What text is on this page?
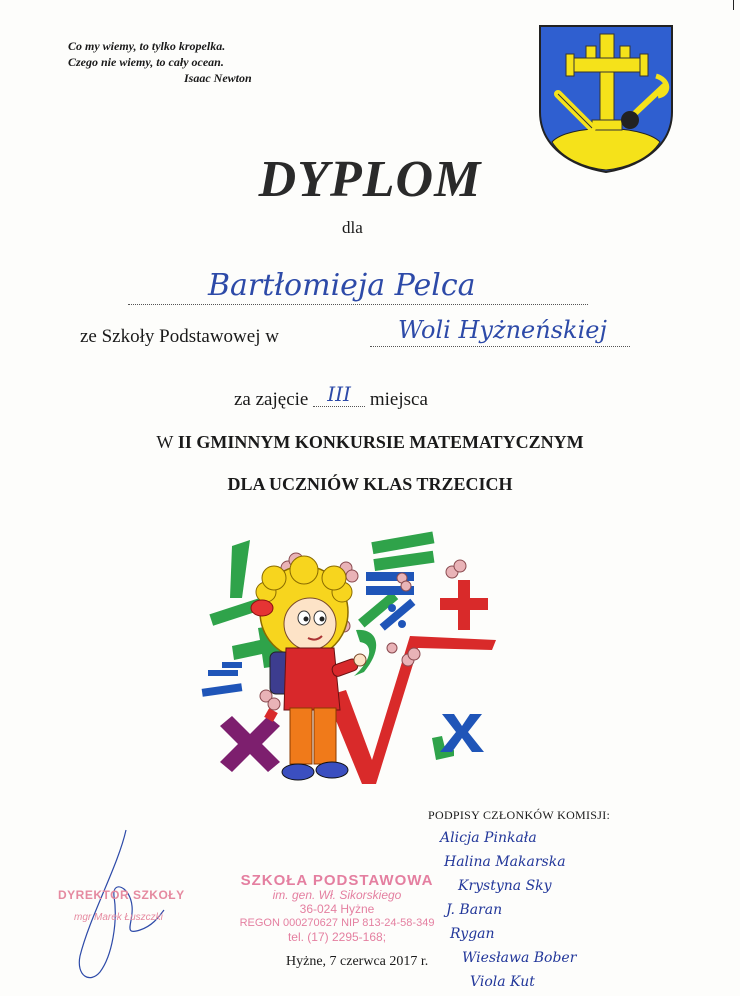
Co my wiemy, to tylko kropelka.
Czego nie wiemy, to cały ocean.
Isaac Newton
DYPLOM
dla
Bartłomieja Pelca
ze Szkoły Podstawowej w	Woli Hyżneńskiej
za zajęcie III miejsca
W II GMINNYM KONKURSIE MATEMATYCZNYM
DLA UCZNIÓW KLAS TRZECICH
PODPISY CZŁONKÓW KOMISJI:
Alicja Pinkała
Halina Makarska
Krystyna Sky
J. Baran
Rygan
Wiesława Bober
Viola Kut
DYREKTOR SZKOŁY
mgr Marek Łuszczki
SZKOŁA PODSTAWOWA
im. gen. Wł. Sikorskiego
36-024 Hyżne
REGON 000270627 NIP 813-24-58-349
tel. (17) 2295-168;
Hyżne, 7 czerwca 2017 r.
